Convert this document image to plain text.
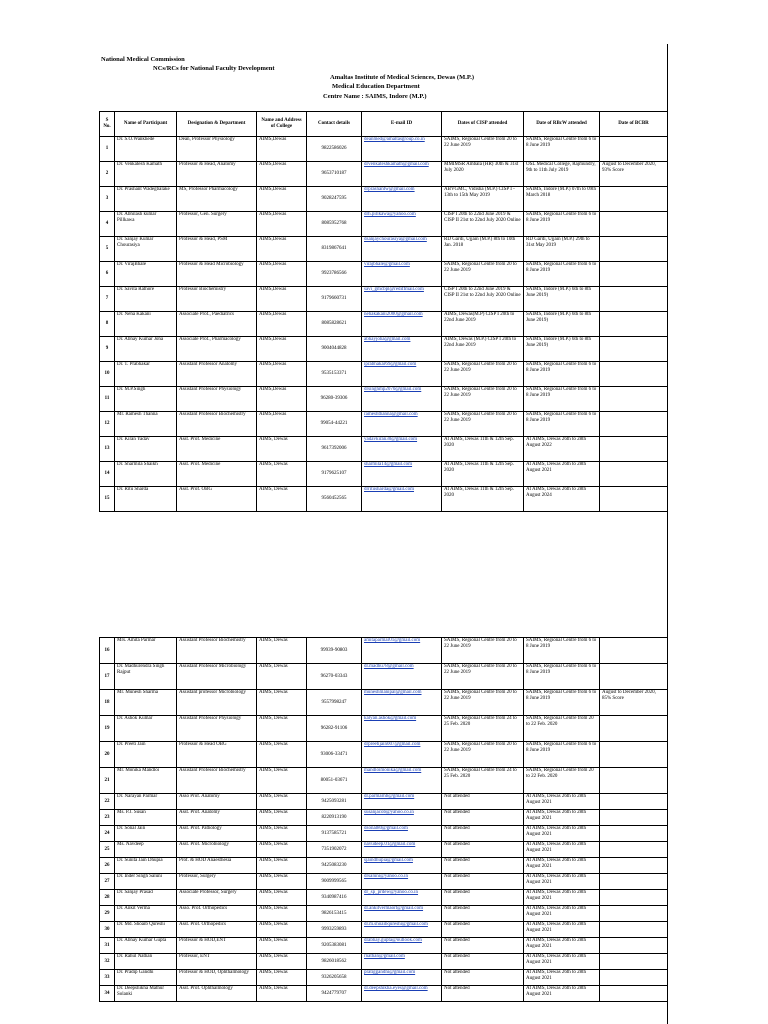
National Medical Commission
NCs/RCs for National Faculty Development
Amaltas Institute of Medical Sciences, Dewas (M.P.)
Medical Education Department
Centre Name : SAIMS, Indore (M.P.)
S No.	Name of Participant	Designation & Department	Name and Address of College	Contact details	E-mail ID	Dates of CISP attended	Date of RBcW attended	Date of BCBR
1	Dr. S.O.Wankhede	Dean, Professor Physiology	AIMS,Dewas	9822586026	deanmed@amaltasgroup.co.in	SAIMS, Regional Centre from 20 to 22 June 2019	SAIMS, Regional Centre from 6 to 8 June 2019	
2	Dr. Venkatesh Kamath	Professor & Head, Anatomy	AIMS,Dewas	9653710187	drvenkateshkamath@gmail.com	MMIMSR Ambala (HR) 30th & 31st July 2020	OSL Medical College, Rajmundry, 9th to 11th July 2019	August to December 2020, 93% Score
3	Dr. Prashant Wadegbalake	MS, Professor Pharmacology	AIMS,Dewas	9028247595	drprashantw@gmail.com	ABVGMC, Vidisha (M.P.) CISP I - 13th to 15th May 2019	SAIMS, Indore (M.P.) 07th to 09th March 2018	
4	Dr. Abhilash kumar Pillkawa	Professor, Gen. Surgery	AIMS,Dewas	8085952768	drh.pillkawa@yahoo.com	CISP I 20th to 22nd June 2019 & CISP II 21st to 22nd July 2020 Online	SAIMS, Regional Centre from 6 to 8 June 2019	
5	Dr. Sanjay Kumar Chourasiya	Professor & Head, PSM	AIMS,Dewas	8319867641	dsanjaychourasiya@gmail.com	RD Gardi, Ujjain (M.P.) 8th to 10th Jan. 2018	RD Gardi, Ujjain (M.P.) 29th to 31st May 2019	
6	Dr. VirajBhale	Professor & Head Microbiology	AIMS,Dewas	9923786566	virajbhale@gmail.com	SAIMS, Regional Centre from 20 to 22 June 2019	SAIMS, Regional Centre from 6 to 8 June 2019	
7	Dr. Savita Rathore	Professor Biochemistry	AIMS,Dewas	9179660731	savi_gmcbpl@rediffmail.com	CISP I 20th to 22nd June 2019 & CISP II 21st to 22nd July 2020 Online	SAIMS, Indore (M.P.) 6th to 8th June 2019)	
8	Dr. Neha Kakani	Associate Prof., Paediatrics	AIMS,Dewas	8085828621	nehakakani2000@gmail.com	AIMS, Dewas(M.P) CISP I 20th to 22nd June 2019	SAIMS, Indore (M.P.) 6th to 8th June 2019)	
9	Dr. Abhay Kumar Joha	Associate Prof., Pharmacology	AIMS,Dewas	9004044828	abhayjoha@gmail.com	AIMS, Dewas (M.P.) CISP I 20th to 22nd June 2019	SAIMS, Indore (M.P.) 6th to 8th June 2019)	
10	Dr. T. Prabhakar	Assistant Professor Anatomy	AIMS,Dewas	9535153371	iprabhakar69@gmail.com	SAIMS, Regional Centre from 20 to 22 June 2019	SAIMS, Regional Centre from 6 to 8 June 2019	
11	Dr. M.P.Singh	Assistant Professor Physiology	AIMS,Dewas	96280-39306	drsinghmp2070@gmail.com	SAIMS, Regional Centre from 20 to 22 June 2019	SAIMS, Regional Centre from 6 to 8 June 2019	
12	Mr. Ramesh Thanna	Assistant Professor Biochemistry	AIMS,Dewas	99054-44221	rameshthanna@gmail.com	SAIMS, Regional Centre from 20 to 22 June 2019	SAIMS, Regional Centre from 6 to 8 June 2019	
13	Dr. Kiran Yadav	Asst. Prof. Medicine	AIMS, Dewas	9617392006	yadavkiran30@gmail.com	At AIMS, Dewas 11th & 12th Sep. 2020	At AIMS, Dewas 26th to 28th August 2022	
14	Dr. Sharmila Shaikh	Asst. Prof. Medicine	AIMS, Dewas	9179625107	sharmila14@gmail.com	At AIMS, Dewas 11th & 12th Sep. 2020	At AIMS, Dewas 26th to 28th August 2021	
15	Dr. Ritu Sharda	Asst. Prof. OBG	AIMS, Dewas	9560452565	drritusharda@gmail.com	At AIMS, Dewas 11th & 12th Sep. 2020	At AIMS, Dewas 26th to 28th August 2024	
16	Mrs. Amita Parmar	Assistant Professor Biochemistry	AIMS, Dewas	99939-90803	amitaparmar01@gmail.com	SAIMS, Regional Centre from 20 to 22 June 2019	SAIMS, Regional Centre from 6 to 8 June 2019	
17	Dr. Madhurendra Singh Rajput	Assistant Professor Microbiology	AIMS, Dewas	96270-03343	dr.madhu78@gmail.com	SAIMS, Regional Centre from 20 to 22 June 2019	SAIMS, Regional Centre from 6 to 8 June 2019	
18	Mr. Munesh Sharma	Assistant professor Microbiology	AIMS, Dewas	9557998247	muneshmanipal@gmail.com	SAIMS, Regional Centre from 20 to 22 June 2019	SAIMS, Regional Centre from 6 to 8 June 2019	August to December 2020, 85% Score
19	Dr. Ashok Kumar	Assistant Professor Physiology	AIMS, Dewas	96282-91106	kalyan.ashok@gmail.com	SAIMS, Regional Centre from 24 to 25 Feb. 2020	SAIMS, Regional Centre from 20 to 22 Feb. 2020	
20	Dr. Preeti Jain	Professor & Head OBG	AIMS, Dewas	93006-33471	drpreetijain007@gmail.com	SAIMS, Regional Centre from 20 to 22 June 2019	SAIMS, Regional Centre from 6 to 8 June 2019	
21	Mr. Monika Mandloi	Assistant Professor Biochemistry	AIMS, Dewas	80051-03671	mandloimonika@gmail.com	SAIMS, Regional Centre from 24 to 25 Feb. 2020	SAIMS, Regional Centre from 20 to 22 Feb. 2020	
22	Dr. Narayan Parmar	Asso Prof. Anatomy	AIMS, Dewas	9425093281	dr.parmarnb@gmail.com	Not attended	At AIMS, Dewas 26th to 28th August 2021	
23	Ms. P.J. Susan	Asst. Prof. Anatomy	AIMS, Dewas	8220913190	susanjacob@yahoo.co.in	Not attended	At AIMS, Dewas 26th to 28th August 2021	
24	Dr. Sonal Jain	Asst. Prof. Pathology	AIMS, Dewas	9137585721	dsonal80@gmail.com	Not attended	At AIMS, Dewas 26th to 28th August 2021	
25	Ms. Navdeep	Asst. Prof. Microbiology	AIMS, Dewas	7351902072	navudeep.01@gmail.com	Not attended	At AIMS, Dewas 26th to 28th August 2021	
26	Dr. Sunita Jain Dhupia	Prof. & HOD Anaesthesia	AIMS, Dewas	9425083230	sjaindhupia@gmail.com	Not attended	At AIMS, Dewas 26th to 28th August 2021	
27	Dr. Inder Singh Saluni	Professor, Surgery	AIMS, Dewas	9009999565	drsaluni@yahoo.co.in	Not attended	At AIMS, Dewas 26th to 28th August 2021	
28	Dr. Sanjay Prasad	Associate Professor, Surgery	AIMS, Dewas	9340987416	dr_sp_prdew@yahoo.co.in	Not attended	At AIMS, Dewas 26th to 28th August 2021	
29	Dr. Ankit Verma	Asso. Prof. Orthopedics	AIMS, Dewas	9826153415	dr.ankitvermaort@gmail.com	Not attended	At AIMS, Dewas 26th to 28th August 2021	
30	Dr. Md. Shoaib Qureshi	Asst. Prof. Orthopedics	AIMS, Dewas	9993259893	dr.m.shoaibqureshi@gmail.com	Not attended	At AIMS, Dewas 26th to 28th August 2021	
31	Dr. Abhay Kumar Gupta	Professor & HOD,ENT	AIMS, Dewas	9205383081	drabhay.gupta@outlook.com	Not attended	At AIMS, Dewas 26th to 28th August 2021	
32	Dr. Rahul Nathan	Professor, ENT	AIMS, Dewas	9826018562	rnathan@gmail.com	Not attended	At AIMS, Dewas 26th to 28th August 2021	
33	Dr. Pradip Gandhi	Professor & HOD, Ophthalmology	AIMS, Dewas	9326205658	pratiggandhi@gmail.com	Not attended	At AIMS, Dewas 26th to 28th August 2021	
34	Dr. Deepshikha Mathur Solanki	Asst. Prof. Ophthalmology	AIMS, Dewas	9424779707	dr.deepshikha.eyes@gmail.com	Not attended	At AIMS, Dewas 26th to 28th August 2021	
